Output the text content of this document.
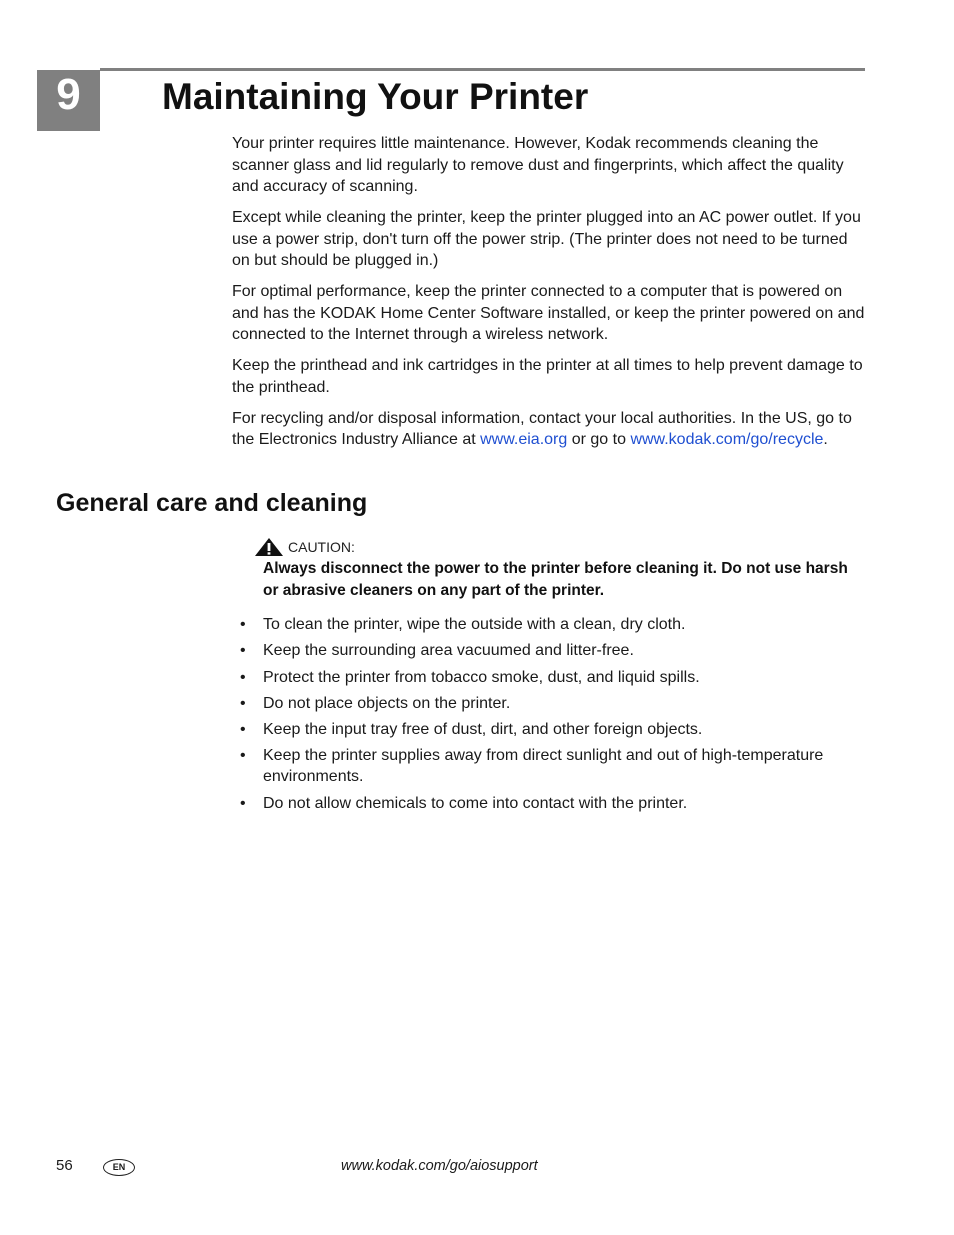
9	Maintaining Your Printer

Your printer requires little maintenance. However, Kodak recommends cleaning the scanner glass and lid regularly to remove dust and fingerprints, which affect the quality and accuracy of scanning.

Except while cleaning the printer, keep the printer plugged into an AC power outlet. If you use a power strip, don't turn off the power strip. (The printer does not need to be turned on but should be plugged in.)

For optimal performance, keep the printer connected to a computer that is powered on and has the KODAK Home Center Software installed, or keep the printer powered on and connected to the Internet through a wireless network.

Keep the printhead and ink cartridges in the printer at all times to help prevent damage to the printhead.

For recycling and/or disposal information, contact your local authorities. In the US, go to the Electronics Industry Alliance at www.eia.org or go to www.kodak.com/go/recycle.

General care and cleaning
CAUTION:

Always disconnect the power to the printer before cleaning it. Do not use harsh or abrasive cleaners on any part of the printer.

• To clean the printer, wipe the outside with a clean, dry cloth.
• Keep the surrounding area vacuumed and litter-free.
• Protect the printer from tobacco smoke, dust, and liquid spills.
• Do not place objects on the printer.
• Keep the input tray free of dust, dirt, and other foreign objects.
• Keep the printer supplies away from direct sunlight and out of high-temperature environments.
• Do not allow chemicals to come into contact with the printer.
56	EN	www.kodak.com/go/aiosupport
